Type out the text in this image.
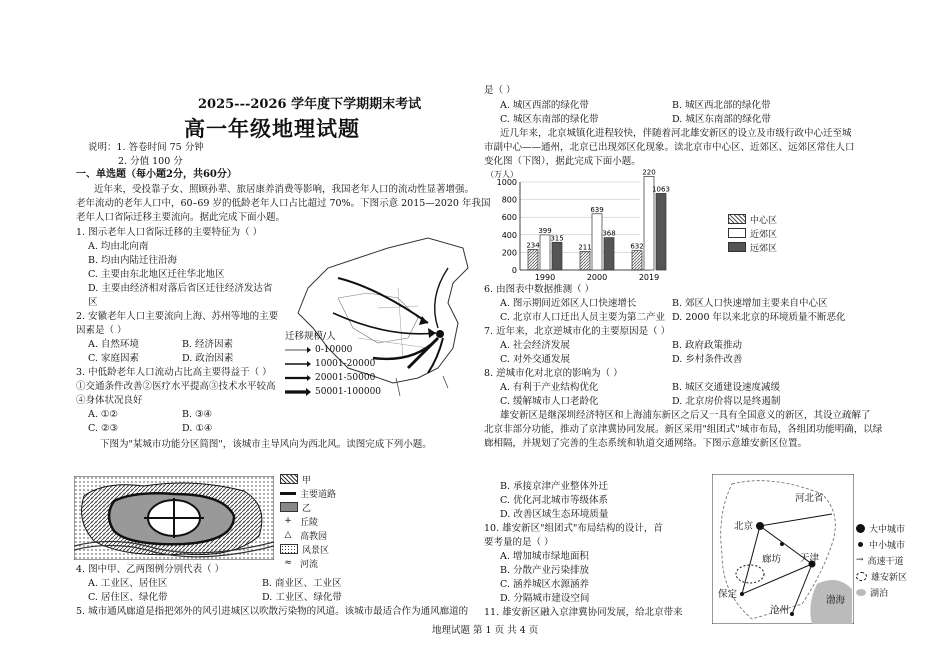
2025---2026 学年度下学期期末考试
高一年级地理试题
说明：1. 答卷时间 75 分钟
2. 分值 100 分
一、单选题（每小题2分，共60分）
近年来，受投靠子女、照顾孙辈、旅居康养消费等影响，我国老年人口的流动性显著增强。
老年流动的老年人口中，60–69 岁的低龄老年人口占比超过 70%。下图示意 2015—2020 年我国
老年人口省际迁移主要流向。据此完成下面小题。
1. 图示老年人口省际迁移的主要特征为（ ）
A. 均由北向南
B. 均由内陆迁往沿海
C. 主要由东北地区迁往华北地区
D. 主要由经济相对落后省区迁往经济发达省
区
2. 安徽老年人口主要流向上海、苏州等地的主要
因素是（ ）
A. 自然环境	B. 经济因素
C. 家庭因素	D. 政治因素
3. 中低龄老年人口流动占比高主要得益于（ ）
①交通条件改善②医疗水平提高③技术水平较高
④身体状况良好
A. ①②	B. ③④
C. ②③	D. ①④
迁移规模/人
0-10000
10001-20000
20001-50000
50001-100000
下图为"某城市功能分区简图"，该城市主导风向为西北风。读图完成下列小题。
甲
主要道路
乙
+ 丘陵
△ 高教园
风景区
≈ 河流
4. 图中甲、乙两图例分别代表（ ）
A. 工业区、居住区	B. 商业区、工业区
C. 居住区、绿化带	D. 工业区、绿化带
5. 城市通风廊道是指把郊外的风引进城区以吹散污染物的风道。该城市最适合作为通风廊道的
是（ ）
A. 城区西部的绿化带	B. 城区西北部的绿化带
C. 城区东南部的绿化带	D. 城区东南部的绿化带
近几年来，北京城镇化进程较快，伴随着河北雄安新区的设立及市级行政中心迁至城
市副中心——通州，北京已出现郊区化现象。读北京市中心区、近郊区、远郊区常住人口
变化图（下图），据此完成下面小题。
（万人）
0
200
400
600
800
1000
234
399
315
1990
211
639
368
2000
632
220
1063
2019
中心区
近郊区
远郊区
6. 由图表中数据推测（ ）
A. 图示期间近郊区人口快速增长	B. 郊区人口快速增加主要来自中心区
C. 北京市人口迁出人员主要为第二产业 D. 2000 年以来北京的环境质量不断恶化
7. 近年来，北京逆城市化的主要原因是（ ）
A. 社会经济发展	B. 政府政策推动
C. 对外交通发展	D. 乡村条件改善
8. 逆城市化对北京的影响为（ ）
A. 有利于产业结构优化	B. 城区交通建设速度减缓
C. 缓解城市人口老龄化	D. 北京房价将以是终遏制
雄安新区是继深圳经济特区和上海浦东新区之后又一具有全国意义的新区，其设立疏解了
北京非部分功能，推动了京津冀协同发展。新区采用"组团式"城市布局，各组团功能明确，以绿
廊相隔，并规划了完善的生态系统和轨道交通网络。下图示意雄安新区位置。
B. 承接京津产业整体外迁
C. 优化河北城市等级体系
D. 改善区域生态环境质量
10. 雄安新区"组团式"布局结构的设计，首
要考量的是（ ）
A. 增加城市绿地面积
B. 分散产业污染排放
C. 涵养城区水源涵养
D. 分隔城市建设空间
11. 雄安新区融入京津冀协同发展，给北京带来
河北省
北京
天津
廊坊
保定
沧州
渤海
大中城市
中小城市
→ 高速干道
雄安新区
湖泊
地理试题 第 1 页 共 4 页
